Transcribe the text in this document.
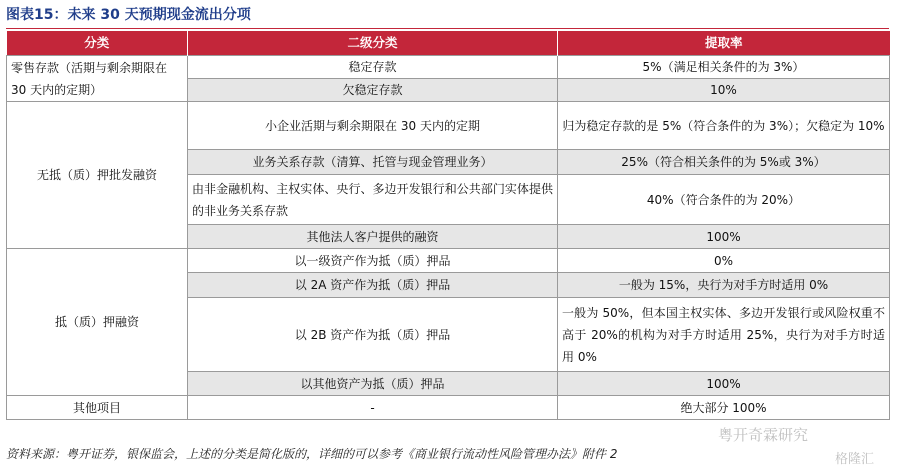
图表15：未来 30 天预期现金流出分项
分类	二级分类	提取率
零售存款（活期与剩余期限在 30 天内的定期）	稳定存款	5%（满足相关条件的为 3%）
	欠稳定存款	10%
无抵（质）押批发融资	小企业活期与剩余期限在 30 天内的定期	归为稳定存款的是 5%（符合条件的为 3%）；欠稳定为 10%
	业务关系存款（清算、托管与现金管理业务）	25%（符合相关条件的为 5%或 3%）
	由非金融机构、主权实体、央行、多边开发银行和公共部门实体提供的非业务关系存款	40%（符合条件的为 20%）
	其他法人客户提供的融资	100%
抵（质）押融资	以一级资产作为抵（质）押品	0%
	以 2A 资产作为抵（质）押品	一般为 15%，央行为对手方时适用 0%
	以 2B 资产作为抵（质）押品	一般为 50%，但本国主权实体、多边开发银行或风险权重不高于 20%的机构为对手方时适用 25%，央行为对手方时适用 0%
	以其他资产为抵（质）押品	100%
其他项目	-	绝大部分 100%
资料来源：粤开证券，银保监会，上述的分类是简化版的，详细的可以参考《商业银行流动性风险管理办法》附件 2
粤开奇霖研究
格隆汇
